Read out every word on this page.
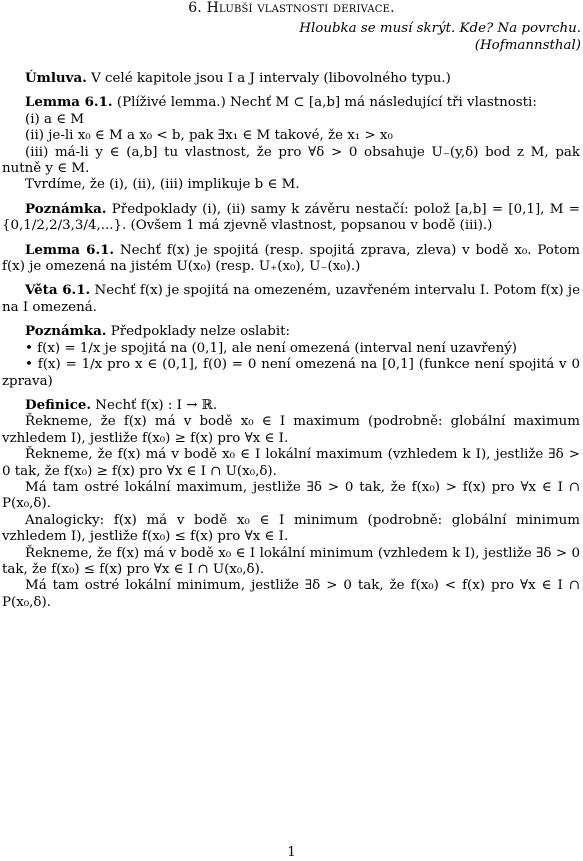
6. Hlubší vlastnosti derivace.
Hloubka se musí skrýt. Kde? Na povrchu.
(Hofmannsthal)

Úmluva. V celé kapitole jsou I a J intervaly (libovolného typu.)

Lemma 6.1. (Plíživé lemma.) Nechť M ⊂ [a,b] má následující tři vlastnosti:

(i) a ∈ M

(ii) je-li x₀ ∈ M a x₀ < b, pak ∃x₁ ∈ M takové, že x₁ > x₀

(iii) má-li y ∈ (a,b] tu vlastnost, že pro ∀δ > 0 obsahuje U₋(y,δ) bod z M, pak nutně y ∈ M.

Tvrdíme, že (i), (ii), (iii) implikuje b ∈ M.

Poznámka. Předpoklady (i), (ii) samy k závěru nestačí: polož [a,b] = [0,1], M = {0,1/2,2/3,3/4,...}. (Ovšem 1 má zjevně vlastnost, popsanou v bodě (iii).)

Lemma 6.1. Nechť f(x) je spojitá (resp. spojitá zprava, zleva) v bodě x₀. Potom f(x) je omezená na jistém U(x₀) (resp. U₊(x₀), U₋(x₀).)

Věta 6.1. Nechť f(x) je spojitá na omezeném, uzavřeném intervalu I. Potom f(x) je na I omezená.

Poznámka. Předpoklady nelze oslabit:

• f(x) = 1/x je spojitá na (0,1], ale není omezená (interval není uzavřený)

• f(x) = 1/x pro x ∈ (0,1], f(0) = 0 není omezená na [0,1] (funkce není spojitá v 0 zprava)

Definice. Nechť f(x) : I → ℝ.

Řekneme, že f(x) má v bodě x₀ ∈ I maximum (podrobně: globální maximum vzhledem I), jestliže f(x₀) ≥ f(x) pro ∀x ∈ I.

Řekneme, že f(x) má v bodě x₀ ∈ I lokální maximum (vzhledem k I), jestliže ∃δ > 0 tak, že f(x₀) ≥ f(x) pro ∀x ∈ I ∩ U(x₀,δ).

Má tam ostré lokální maximum, jestliže ∃δ > 0 tak, že f(x₀) > f(x) pro ∀x ∈ I ∩ P(x₀,δ).

Analogicky: f(x) má v bodě x₀ ∈ I minimum (podrobně: globální minimum vzhledem I), jestliže f(x₀) ≤ f(x) pro ∀x ∈ I.

Řekneme, že f(x) má v bodě x₀ ∈ I lokální minimum (vzhledem k I), jestliže ∃δ > 0 tak, že f(x₀) ≤ f(x) pro ∀x ∈ I ∩ U(x₀,δ).

Má tam ostré lokální minimum, jestliže ∃δ > 0 tak, že f(x₀) < f(x) pro ∀x ∈ I ∩ P(x₀,δ).

1
